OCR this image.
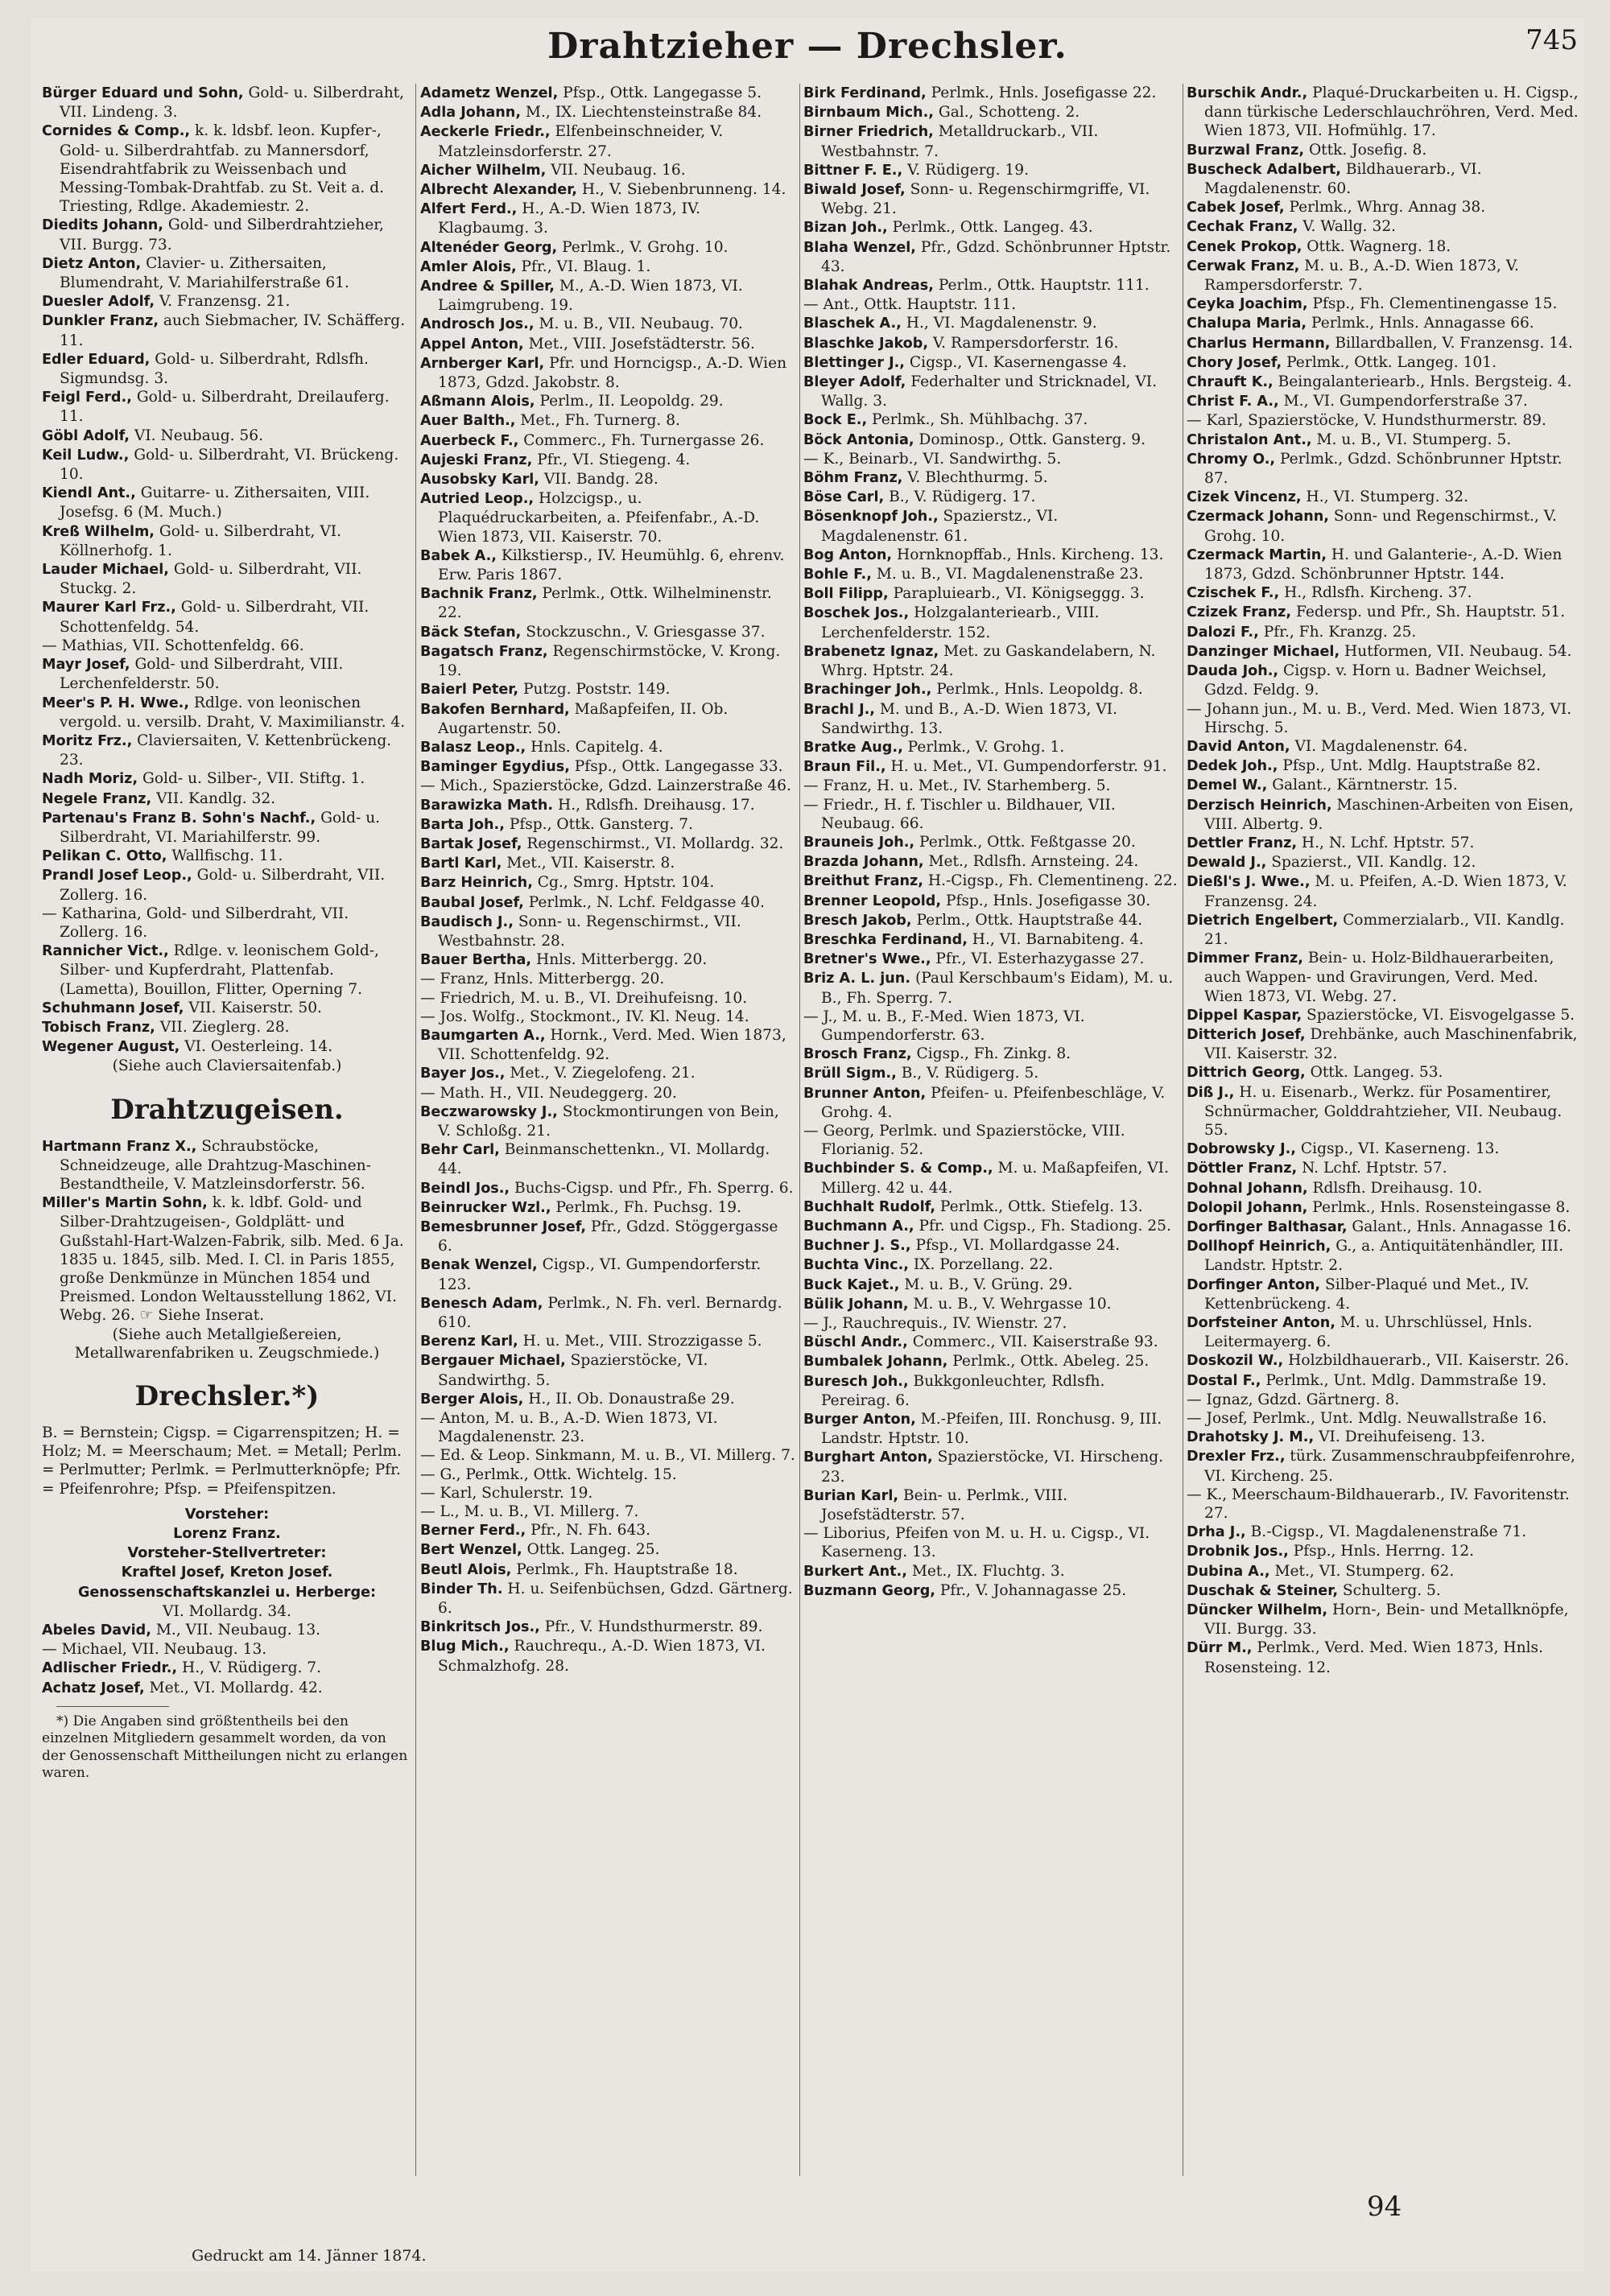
Drahtzieher — Drechsler.	745

Bürger Eduard und Sohn, Gold- u. Silberdraht, VII. Lindeng. 3.

Cornides & Comp., k. k. ldsbf. leon. Kupfer-, Gold- u. Silberdrahtfab. zu Mannersdorf, Eisendrahtfabrik zu Weissenbach und Messing-Tombak-Drahtfab. zu St. Veit a. d. Triesting, Rdlge. Akademiestr. 2.

Diedits Johann, Gold- und Silberdrahtzieher, VII. Burgg. 73.

Dietz Anton, Clavier- u. Zithersaiten, Blumendraht, V. Mariahilferstraße 61.

Duesler Adolf, V. Franzensg. 21.

Dunkler Franz, auch Siebmacher, IV. Schäfferg. 11.

Edler Eduard, Gold- u. Silberdraht, Rdlsfh. Sigmundsg. 3.

Feigl Ferd., Gold- u. Silberdraht, Dreilauferg. 11.

Göbl Adolf, VI. Neubaug. 56.

Keil Ludw., Gold- u. Silberdraht, VI. Brückeng. 10.

Kiendl Ant., Guitarre- u. Zithersaiten, VIII. Josefsg. 6 (M. Much.)

Kreß Wilhelm, Gold- u. Silberdraht, VI. Köllnerhofg. 1.

Lauder Michael, Gold- u. Silberdraht, VII. Stuckg. 2.

Maurer Karl Frz., Gold- u. Silberdraht, VII. Schottenfeldg. 54.

— Mathias, VII. Schottenfeldg. 66.

Mayr Josef, Gold- und Silberdraht, VIII. Lerchenfelderstr. 50.

Meer's P. H. Wwe., Rdlge. von leonischen vergold. u. versilb. Draht, V. Maximilianstr. 4.

Moritz Frz., Claviersaiten, V. Kettenbrückeng. 23.

Nadh Moriz, Gold- u. Silber-, VII. Stiftg. 1.

Negele Franz, VII. Kandlg. 32.

Partenau's Franz B. Sohn's Nachf., Gold- u. Silberdraht, VI. Mariahilferstr. 99.

Pelikan C. Otto, Wallfischg. 11.

Prandl Josef Leop., Gold- u. Silberdraht, VII. Zollerg. 16.

— Katharina, Gold- und Silberdraht, VII. Zollerg. 16.

Rannicher Vict., Rdlge. v. leonischem Gold-, Silber- und Kupferdraht, Plattenfab. (Lametta), Bouillon, Flitter, Operning 7.

Schuhmann Josef, VII. Kaiserstr. 50.

Tobisch Franz, VII. Zieglerg. 28.

Wegener August, VI. Oesterleing. 14.

(Siehe auch Claviersaitenfab.)

Drahtzugeisen.

Hartmann Franz X., Schraubstöcke, Schneidzeuge, alle Drahtzug-Maschinen-Bestandtheile, V. Matzleinsdorferstr. 56.

Miller's Martin Sohn, k. k. ldbf. Gold- und Silber-Drahtzugeisen-, Goldplätt- und Gußstahl-Hart-Walzen-Fabrik, silb. Med. 6 Ja. 1835 u. 1845, silb. Med. I. Cl. in Paris 1855, große Denkmünze in München 1854 und Preismed. London Weltausstellung 1862, VI. Webg. 26. ☞ Siehe Inserat.

(Siehe auch Metallgießereien, Metallwarenfabriken u. Zeugschmiede.)

Drechsler.*)

B. = Bernstein; Cigsp. = Cigarrenspitzen; H. = Holz; M. = Meerschaum; Met. = Metall; Perlm. = Perlmutter; Perlmk. = Perlmutterknöpfe; Pfr. = Pfeifenrohre; Pfsp. = Pfeifenspitzen.

Vorsteher:

Lorenz Franz.

Vorsteher-Stellvertreter:

Kraftel Josef, Kreton Josef.

Genossenschaftskanzlei u. Herberge:

VI. Mollardg. 34.

Abeles David, M., VII. Neubaug. 13.

— Michael, VII. Neubaug. 13.

Adlischer Friedr., H., V. Rüdigerg. 7.

Achatz Josef, Met., VI. Mollardg. 42.

*) Die Angaben sind größtentheils bei den einzelnen Mitgliedern gesammelt worden, da von der Genossenschaft Mittheilungen nicht zu erlangen waren.

Adametz Wenzel, Pfsp., Ottk. Langegasse 5.

Adla Johann, M., IX. Liechtensteinstraße 84.

Aeckerle Friedr., Elfenbeinschneider, V. Matzleinsdorferstr. 27.

Aicher Wilhelm, VII. Neubaug. 16.

Albrecht Alexander, H., V. Siebenbrunneng. 14.

Alfert Ferd., H., A.-D. Wien 1873, IV. Klagbaumg. 3.

Altenéder Georg, Perlmk., V. Grohg. 10.

Amler Alois, Pfr., VI. Blaug. 1.

Andree & Spiller, M., A.-D. Wien 1873, VI. Laimgrubeng. 19.

Androsch Jos., M. u. B., VII. Neubaug. 70.

Appel Anton, Met., VIII. Josefstädterstr. 56.

Arnberger Karl, Pfr. und Horncigsp., A.-D. Wien 1873, Gdzd. Jakobstr. 8.

Aßmann Alois, Perlm., II. Leopoldg. 29.

Auer Balth., Met., Fh. Turnerg. 8.

Auerbeck F., Commerc., Fh. Turnergasse 26.

Aujeski Franz, Pfr., VI. Stiegeng. 4.

Ausobsky Karl, VII. Bandg. 28.

Autried Leop., Holzcigsp., u. Plaquédruckarbeiten, a. Pfeifenfabr., A.-D. Wien 1873, VII. Kaiserstr. 70.

Babek A., Kilkstiersp., IV. Heumühlg. 6, ehrenv. Erw. Paris 1867.

Bachnik Franz, Perlmk., Ottk. Wilhelminenstr. 22.

Bäck Stefan, Stockzuschn., V. Griesgasse 37.

Bagatsch Franz, Regenschirmstöcke, V. Krong. 19.

Baierl Peter, Putzg. Poststr. 149.

Bakofen Bernhard, Maßapfeifen, II. Ob. Augartenstr. 50.

Balasz Leop., Hnls. Capitelg. 4.

Baminger Egydius, Pfsp., Ottk. Langegasse 33.

— Mich., Spazierstöcke, Gdzd. Lainzerstraße 46.

Barawizka Math. H., Rdlsfh. Dreihausg. 17.

Barta Joh., Pfsp., Ottk. Gansterg. 7.

Bartak Josef, Regenschirmst., VI. Mollardg. 32.

Bartl Karl, Met., VII. Kaiserstr. 8.

Barz Heinrich, Cg., Smrg. Hptstr. 104.

Baubal Josef, Perlmk., N. Lchf. Feldgasse 40.

Baudisch J., Sonn- u. Regenschirmst., VII. Westbahnstr. 28.

Bauer Bertha, Hnls. Mitterbergg. 20.

— Franz, Hnls. Mitterbergg. 20.

— Friedrich, M. u. B., VI. Dreihufeisng. 10.

— Jos. Wolfg., Stockmont., IV. Kl. Neug. 14.

Baumgarten A., Hornk., Verd. Med. Wien 1873, VII. Schottenfeldg. 92.

Bayer Jos., Met., V. Ziegelofeng. 21.

— Math. H., VII. Neudeggerg. 20.

Beczwarowsky J., Stockmontirungen von Bein, V. Schloßg. 21.

Behr Carl, Beinmanschettenkn., VI. Mollardg. 44.

Beindl Jos., Buchs-Cigsp. und Pfr., Fh. Sperrg. 6.

Beinrucker Wzl., Perlmk., Fh. Puchsg. 19.

Bemesbrunner Josef, Pfr., Gdzd. Stöggergasse 6.

Benak Wenzel, Cigsp., VI. Gumpendorferstr. 123.

Benesch Adam, Perlmk., N. Fh. verl. Bernardg. 610.

Berenz Karl, H. u. Met., VIII. Strozzigasse 5.

Bergauer Michael, Spazierstöcke, VI. Sandwirthg. 5.

Berger Alois, H., II. Ob. Donaustraße 29.

— Anton, M. u. B., A.-D. Wien 1873, VI. Magdalenenstr. 23.

— Ed. & Leop. Sinkmann, M. u. B., VI. Millerg. 7.

— G., Perlmk., Ottk. Wichtelg. 15.

— Karl, Schulerstr. 19.

— L., M. u. B., VI. Millerg. 7.

Berner Ferd., Pfr., N. Fh. 643.

Bert Wenzel, Ottk. Langeg. 25.

Beutl Alois, Perlmk., Fh. Hauptstraße 18.

Binder Th. H. u. Seifenbüchsen, Gdzd. Gärtnerg. 6.

Binkritsch Jos., Pfr., V. Hundsthurmerstr. 89.

Blug Mich., Rauchrequ., A.-D. Wien 1873, VI. Schmalzhofg. 28.

Birk Ferdinand, Perlmk., Hnls. Josefigasse 22.

Birnbaum Mich., Gal., Schotteng. 2.

Birner Friedrich, Metalldruckarb., VII. Westbahnstr. 7.

Bittner F. E., V. Rüdigerg. 19.

Biwald Josef, Sonn- u. Regenschirmgriffe, VI. Webg. 21.

Bizan Joh., Perlmk., Ottk. Langeg. 43.

Blaha Wenzel, Pfr., Gdzd. Schönbrunner Hptstr. 43.

Blahak Andreas, Perlm., Ottk. Hauptstr. 111.

— Ant., Ottk. Hauptstr. 111.

Blaschek A., H., VI. Magdalenenstr. 9.

Blaschke Jakob, V. Rampersdorferstr. 16.

Blettinger J., Cigsp., VI. Kasernengasse 4.

Bleyer Adolf, Federhalter und Stricknadel, VI. Wallg. 3.

Bock E., Perlmk., Sh. Mühlbachg. 37.

Böck Antonia, Dominosp., Ottk. Gansterg. 9.

— K., Beinarb., VI. Sandwirthg. 5.

Böhm Franz, V. Blechthurmg. 5.

Böse Carl, B., V. Rüdigerg. 17.

Bösenknopf Joh., Spazierstz., VI. Magdalenenstr. 61.

Bog Anton, Hornknopffab., Hnls. Kircheng. 13.

Bohle F., M. u. B., VI. Magdalenenstraße 23.

Boll Filipp, Parapluiearb., VI. Königseggg. 3.

Boschek Jos., Holzgalanteriearb., VIII. Lerchenfelderstr. 152.

Brabenetz Ignaz, Met. zu Gaskandelabern, N. Whrg. Hptstr. 24.

Brachinger Joh., Perlmk., Hnls. Leopoldg. 8.

Brachl J., M. und B., A.-D. Wien 1873, VI. Sandwirthg. 13.

Bratke Aug., Perlmk., V. Grohg. 1.

Braun Fil., H. u. Met., VI. Gumpendorferstr. 91.

— Franz, H. u. Met., IV. Starhemberg. 5.

— Friedr., H. f. Tischler u. Bildhauer, VII. Neubaug. 66.

Brauneis Joh., Perlmk., Ottk. Feßtgasse 20.

Brazda Johann, Met., Rdlsfh. Arnsteing. 24.

Breithut Franz, H.-Cigsp., Fh. Clementineng. 22.

Brenner Leopold, Pfsp., Hnls. Josefigasse 30.

Bresch Jakob, Perlm., Ottk. Hauptstraße 44.

Breschka Ferdinand, H., VI. Barnabiteng. 4.

Bretner's Wwe., Pfr., VI. Esterhazygasse 27.

Briz A. L. jun. (Paul Kerschbaum's Eidam), M. u. B., Fh. Sperrg. 7.

— J., M. u. B., F.-Med. Wien 1873, VI. Gumpendorferstr. 63.

Brosch Franz, Cigsp., Fh. Zinkg. 8.

Brüll Sigm., B., V. Rüdigerg. 5.

Brunner Anton, Pfeifen- u. Pfeifenbeschläge, V. Grohg. 4.

— Georg, Perlmk. und Spazierstöcke, VIII. Florianig. 52.

Buchbinder S. & Comp., M. u. Maßapfeifen, VI. Millerg. 42 u. 44.

Buchhalt Rudolf, Perlmk., Ottk. Stiefelg. 13.

Buchmann A., Pfr. und Cigsp., Fh. Stadiong. 25.

Buchner J. S., Pfsp., VI. Mollardgasse 24.

Buchta Vinc., IX. Porzellang. 22.

Buck Kajet., M. u. B., V. Grüng. 29.

Bülik Johann, M. u. B., V. Wehrgasse 10.

— J., Rauchrequis., IV. Wienstr. 27.

Büschl Andr., Commerc., VII. Kaiserstraße 93.

Bumbalek Johann, Perlmk., Ottk. Abeleg. 25.

Buresch Joh., Bukkgonleuchter, Rdlsfh. Pereirag. 6.

Burger Anton, M.-Pfeifen, III. Ronchusg. 9, III. Landstr. Hptstr. 10.

Burghart Anton, Spazierstöcke, VI. Hirscheng. 23.

Burian Karl, Bein- u. Perlmk., VIII. Josefstädterstr. 57.

— Liborius, Pfeifen von M. u. H. u. Cigsp., VI. Kaserneng. 13.

Burkert Ant., Met., IX. Fluchtg. 3.

Buzmann Georg, Pfr., V. Johannagasse 25.

Burschik Andr., Plaqué-Druckarbeiten u. H. Cigsp., dann türkische Lederschlauchröhren, Verd. Med. Wien 1873, VII. Hofmühlg. 17.

Burzwal Franz, Ottk. Josefig. 8.

Buscheck Adalbert, Bildhauerarb., VI. Magdalenenstr. 60.

Cabek Josef, Perlmk., Whrg. Annag 38.

Cechak Franz, V. Wallg. 32.

Cenek Prokop, Ottk. Wagnerg. 18.

Cerwak Franz, M. u. B., A.-D. Wien 1873, V. Rampersdorferstr. 7.

Ceyka Joachim, Pfsp., Fh. Clementinengasse 15.

Chalupa Maria, Perlmk., Hnls. Annagasse 66.

Charlus Hermann, Billardballen, V. Franzensg. 14.

Chory Josef, Perlmk., Ottk. Langeg. 101.

Chrauft K., Beingalanteriearb., Hnls. Bergsteig. 4.

Christ F. A., M., VI. Gumpendorferstraße 37.

— Karl, Spazierstöcke, V. Hundsthurmerstr. 89.

Christalon Ant., M. u. B., VI. Stumperg. 5.

Chromy O., Perlmk., Gdzd. Schönbrunner Hptstr. 87.

Cizek Vincenz, H., VI. Stumperg. 32.

Czermack Johann, Sonn- und Regenschirmst., V. Grohg. 10.

Czermack Martin, H. und Galanterie-, A.-D. Wien 1873, Gdzd. Schönbrunner Hptstr. 144.

Czischek F., H., Rdlsfh. Kircheng. 37.

Czizek Franz, Federsp. und Pfr., Sh. Hauptstr. 51.

Dalozi F., Pfr., Fh. Kranzg. 25.

Danzinger Michael, Hutformen, VII. Neubaug. 54.

Dauda Joh., Cigsp. v. Horn u. Badner Weichsel, Gdzd. Feldg. 9.

— Johann jun., M. u. B., Verd. Med. Wien 1873, VI. Hirschg. 5.

David Anton, VI. Magdalenenstr. 64.

Dedek Joh., Pfsp., Unt. Mdlg. Hauptstraße 82.

Demel W., Galant., Kärntnerstr. 15.

Derzisch Heinrich, Maschinen-Arbeiten von Eisen, VIII. Albertg. 9.

Dettler Franz, H., N. Lchf. Hptstr. 57.

Dewald J., Spazierst., VII. Kandlg. 12.

Dießl's J. Wwe., M. u. Pfeifen, A.-D. Wien 1873, V. Franzensg. 24.

Dietrich Engelbert, Commerzialarb., VII. Kandlg. 21.

Dimmer Franz, Bein- u. Holz-Bildhauerarbeiten, auch Wappen- und Gravirungen, Verd. Med. Wien 1873, VI. Webg. 27.

Dippel Kaspar, Spazierstöcke, VI. Eisvogelgasse 5.

Ditterich Josef, Drehbänke, auch Maschinenfabrik, VII. Kaiserstr. 32.

Dittrich Georg, Ottk. Langeg. 53.

Diß J., H. u. Eisenarb., Werkz. für Posamentirer, Schnürmacher, Golddrahtzieher, VII. Neubaug. 55.

Dobrowsky J., Cigsp., VI. Kaserneng. 13.

Döttler Franz, N. Lchf. Hptstr. 57.

Dohnal Johann, Rdlsfh. Dreihausg. 10.

Dolopil Johann, Perlmk., Hnls. Rosensteingasse 8.

Dorfinger Balthasar, Galant., Hnls. Annagasse 16.

Dollhopf Heinrich, G., a. Antiquitätenhändler, III. Landstr. Hptstr. 2.

Dorfinger Anton, Silber-Plaqué und Met., IV. Kettenbrückeng. 4.

Dorfsteiner Anton, M. u. Uhrschlüssel, Hnls. Leitermayerg. 6.

Doskozil W., Holzbildhauerarb., VII. Kaiserstr. 26.

Dostal F., Perlmk., Unt. Mdlg. Dammstraße 19.

— Ignaz, Gdzd. Gärtnerg. 8.

— Josef, Perlmk., Unt. Mdlg. Neuwallstraße 16.

Drahotsky J. M., VI. Dreihufeiseng. 13.

Drexler Frz., türk. Zusammenschraubpfeifenrohre, VI. Kircheng. 25.

— K., Meerschaum-Bildhauerarb., IV. Favoritenstr. 27.

Drha J., B.-Cigsp., VI. Magdalenenstraße 71.

Drobnik Jos., Pfsp., Hnls. Herrng. 12.

Dubina A., Met., VI. Stumperg. 62.

Duschak & Steiner, Schulterg. 5.

Düncker Wilhelm, Horn-, Bein- und Metallknöpfe, VII. Burgg. 33.

Dürr M., Perlmk., Verd. Med. Wien 1873, Hnls. Rosensteing. 12.

94
Gedruckt am 14. Jänner 1874.
